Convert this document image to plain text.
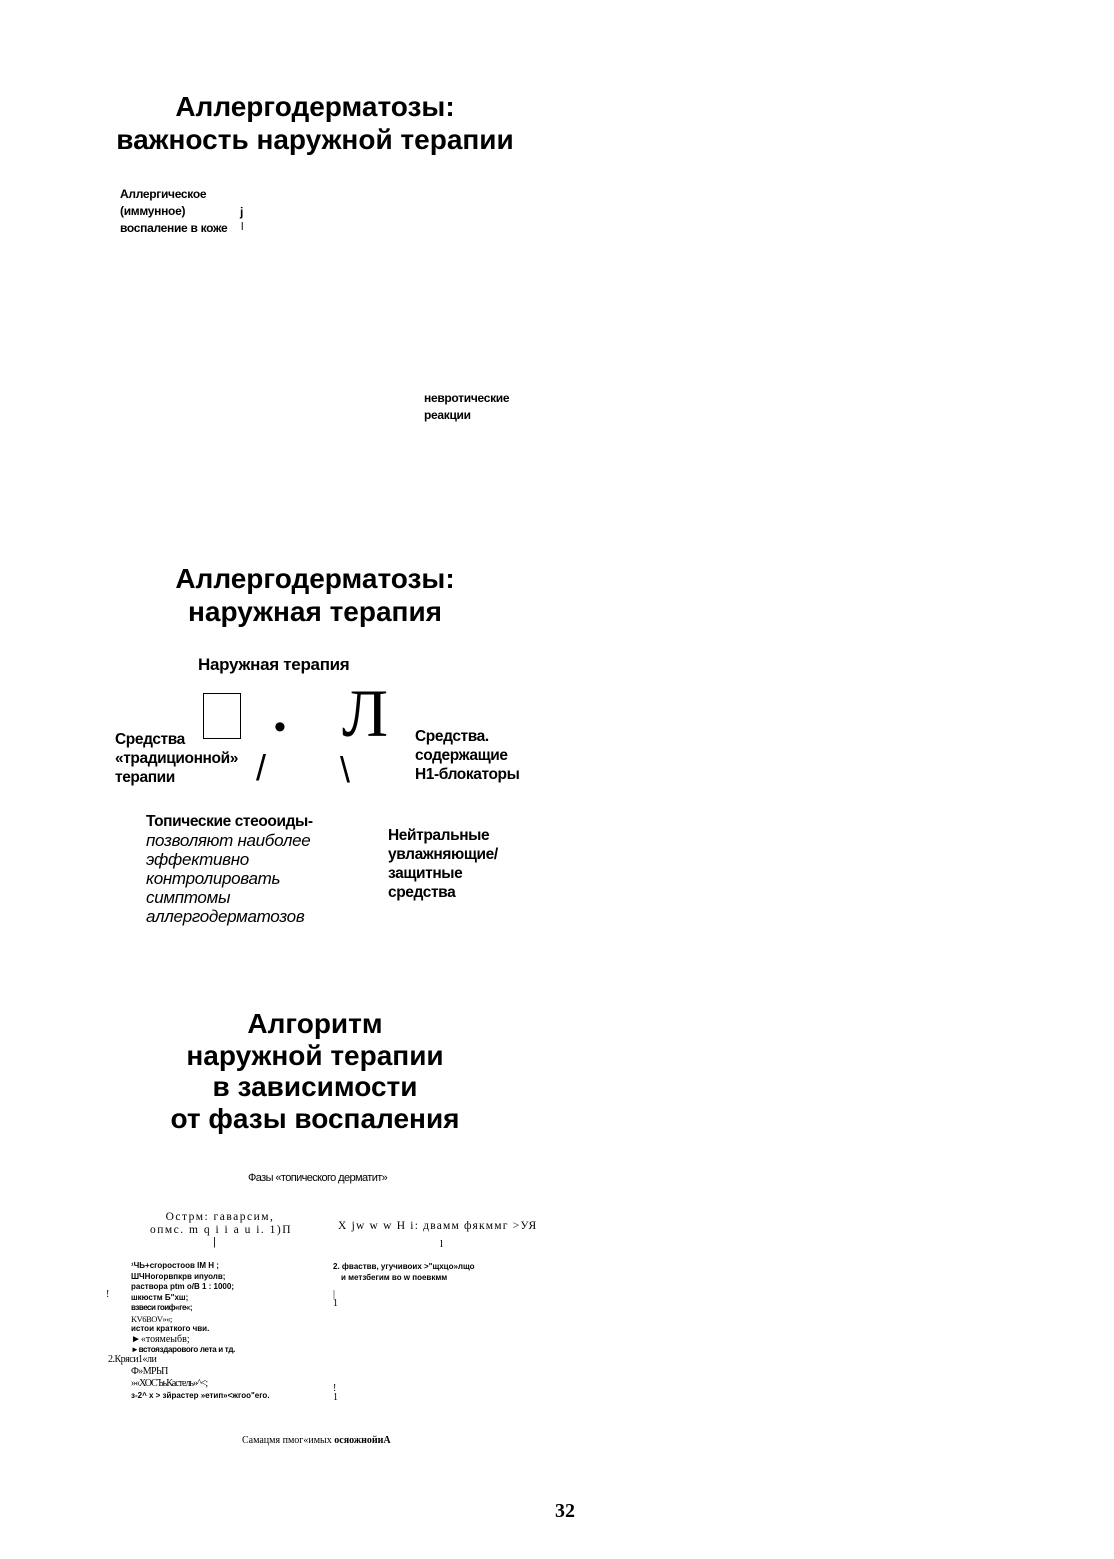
Аллергодерматозы:
важность наружной терапии
Аллергическое
(иммунное)
воспаление в коже
j
l
невротические
реакции
Аллергодерматозы:
наружная терапия
Наружная терапия
• Л
/ \
Средства
«традиционной»
терапии
Средства.
содержащие
Н1-блокаторы
Топические стеооиды-
позволяют наиболее
эффективно
контролировать
симптомы
аллергодерматозов
Нейтральные
увлажняющие/
защитные
средства
Алгоритм
наружной терапии
в зависимости
от фазы воспаления
Фазы «топического дерматит»
Острм: гаварсим,
опмс. m q i i a u i. 1)П
|
X jw w w H i: двамм фякммг >УЯ
l
!
¹ЧЬ+сгоростоов IМ Н ;
ШЧНогорвпкрв ипуолв;
раствора ptm о/В 1 : 1000;
шкюстм Б"хш;
взвеси гоиф«ге«;
KV6BOV»«;
истои краткого чви.
►«тоямеыбв;
►встояздарового лета и тд.
2.Кряси1«ли
Ф»МРЬП
»«ХОСЪьКастель»^<;
з-2^ х > зйрастер »етип»<жгоо"его.
2. фвaствв, угучивоих >"щхцо»лщо
и метзбегим во w поевкмм
|
1
!
1
Самацмя пмог«имых осяожнойиА
32
